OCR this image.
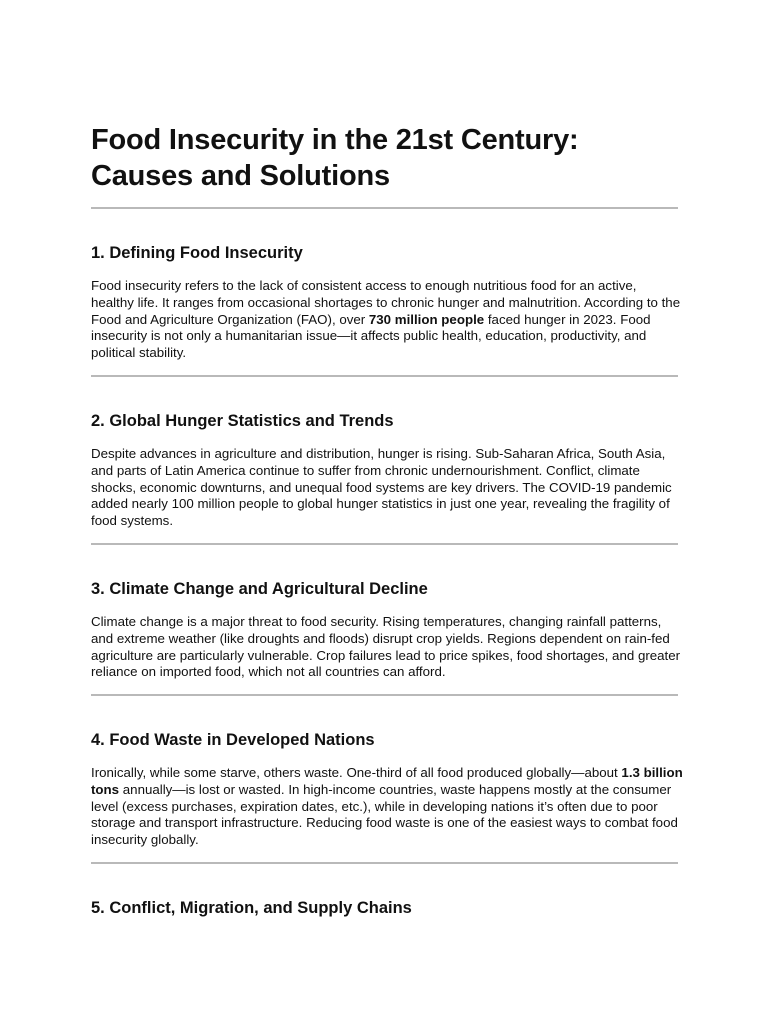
Food Insecurity in the 21st Century:
Causes and Solutions
1. Defining Food Insecurity

Food insecurity refers to the lack of consistent access to enough nutritious food for an active, healthy life. It ranges from occasional shortages to chronic hunger and malnutrition. According to the Food and Agriculture Organization (FAO), over 730 million people faced hunger in 2023. Food insecurity is not only a humanitarian issue—it affects public health, education, productivity, and political stability.

2. Global Hunger Statistics and Trends

Despite advances in agriculture and distribution, hunger is rising. Sub-Saharan Africa, South Asia, and parts of Latin America continue to suffer from chronic undernourishment. Conflict, climate shocks, economic downturns, and unequal food systems are key drivers. The COVID-19 pandemic added nearly 100 million people to global hunger statistics in just one year, revealing the fragility of food systems.

3. Climate Change and Agricultural Decline

Climate change is a major threat to food security. Rising temperatures, changing rainfall patterns, and extreme weather (like droughts and floods) disrupt crop yields. Regions dependent on rain-fed agriculture are particularly vulnerable. Crop failures lead to price spikes, food shortages, and greater reliance on imported food, which not all countries can afford.

4. Food Waste in Developed Nations

Ironically, while some starve, others waste. One-third of all food produced globally—about 1.3 billion tons annually—is lost or wasted. In high-income countries, waste happens mostly at the consumer level (excess purchases, expiration dates, etc.), while in developing nations it’s often due to poor storage and transport infrastructure. Reducing food waste is one of the easiest ways to combat food insecurity globally.

5. Conflict, Migration, and Supply Chains
